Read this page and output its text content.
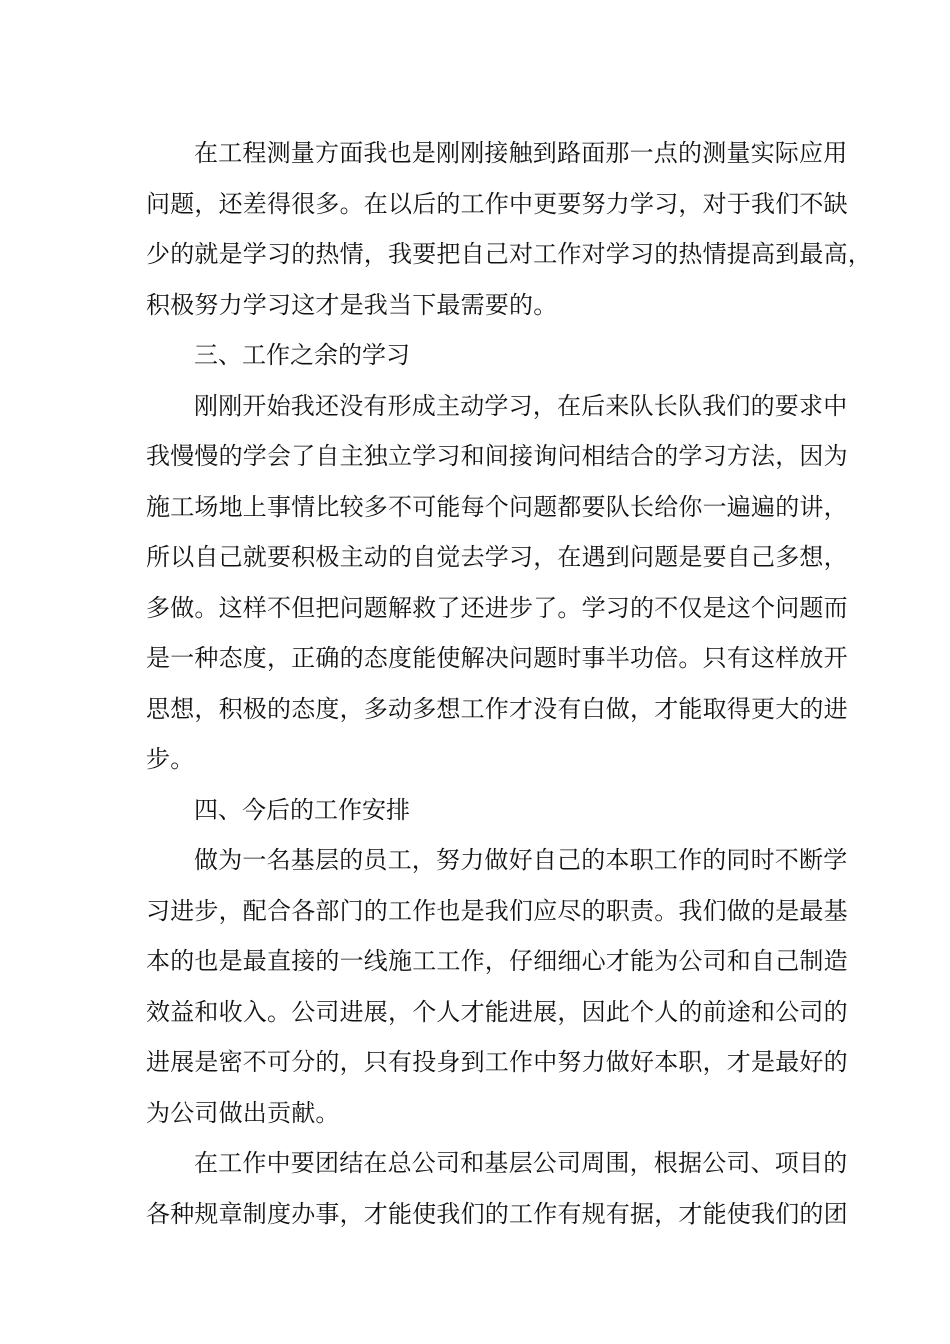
在工程测量方面我也是刚刚接触到路面那一点的测量实际应用
问题，还差得很多。在以后的工作中更要努力学习，对于我们不缺
少的就是学习的热情，我要把自己对工作对学习的热情提高到最高，
积极努力学习这才是我当下最需要的。

三、工作之余的学习

刚刚开始我还没有形成主动学习，在后来队长队我们的要求中
我慢慢的学会了自主独立学习和间接询问相结合的学习方法，因为
施工场地上事情比较多不可能每个问题都要队长给你一遍遍的讲，
所以自己就要积极主动的自觉去学习，在遇到问题是要自己多想，
多做。这样不但把问题解救了还进步了。学习的不仅是这个问题而
是一种态度，正确的态度能使解决问题时事半功倍。只有这样放开
思想，积极的态度，多动多想工作才没有白做，才能取得更大的进
步。

四、今后的工作安排

做为一名基层的员工，努力做好自己的本职工作的同时不断学
习进步，配合各部门的工作也是我们应尽的职责。我们做的是最基
本的也是最直接的一线施工工作，仔细细心才能为公司和自己制造
效益和收入。公司进展，个人才能进展，因此个人的前途和公司的
进展是密不可分的，只有投身到工作中努力做好本职，才是最好的
为公司做出贡献。

在工作中要团结在总公司和基层公司周围，根据公司、项目的
各种规章制度办事，才能使我们的工作有规有据，才能使我们的团
